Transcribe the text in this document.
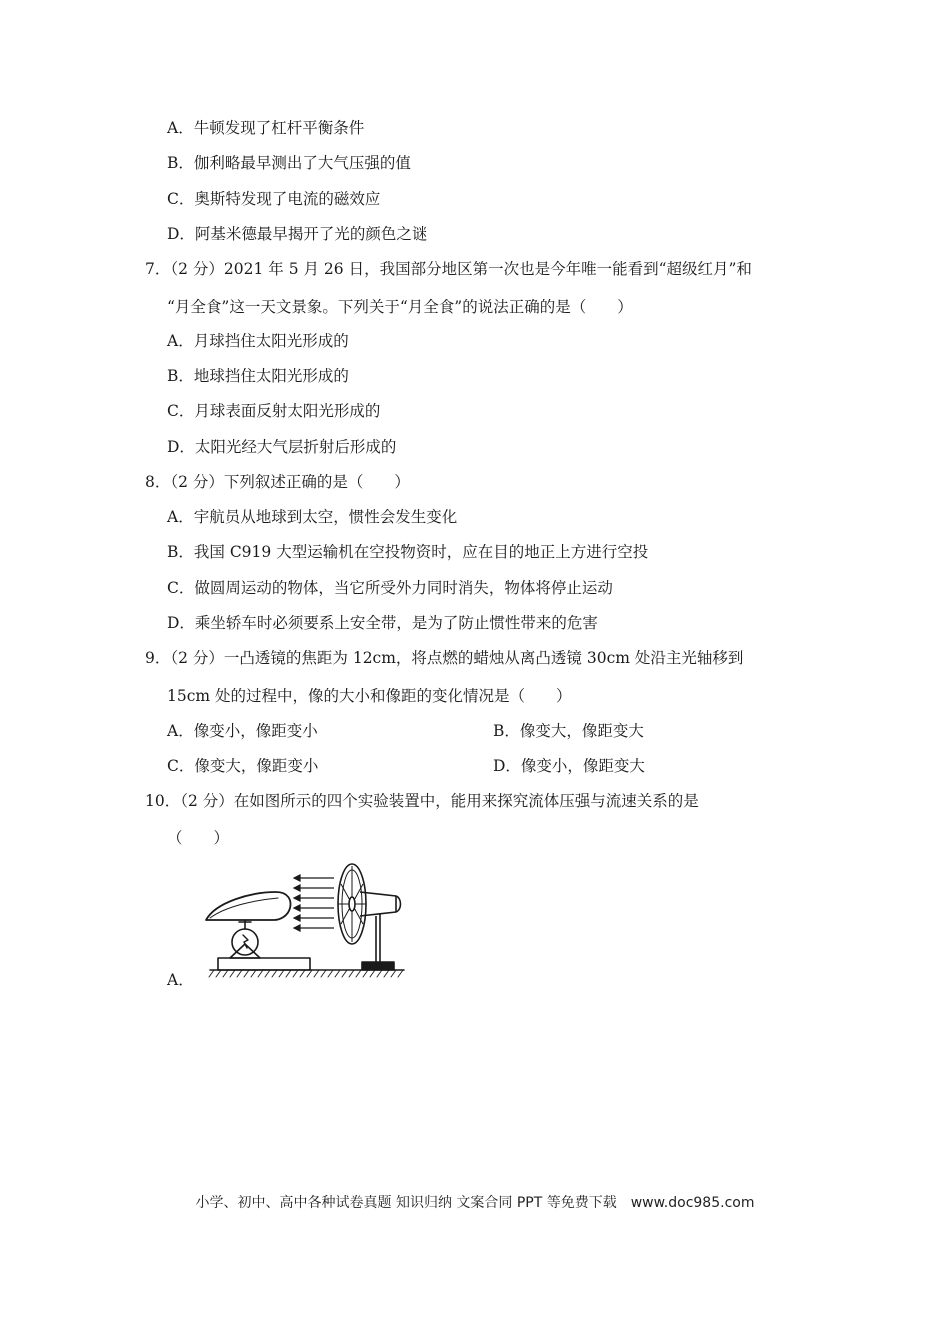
A．牛顿发现了杠杆平衡条件
B．伽利略最早测出了大气压强的值
C．奥斯特发现了电流的磁效应
D．阿基米德最早揭开了光的颜色之谜
7．（2 分）2021 年 5 月 26 日，我国部分地区第一次也是今年唯一能看到“超级红月”和
“月全食”这一天文景象。下列关于“月全食”的说法正确的是（　　）
A．月球挡住太阳光形成的
B．地球挡住太阳光形成的
C．月球表面反射太阳光形成的
D．太阳光经大气层折射后形成的
8．（2 分）下列叙述正确的是（　　）
A．宇航员从地球到太空，惯性会发生变化
B．我国 C919 大型运输机在空投物资时，应在目的地正上方进行空投
C．做圆周运动的物体，当它所受外力同时消失，物体将停止运动
D．乘坐轿车时必须要系上安全带，是为了防止惯性带来的危害
9．（2 分）一凸透镜的焦距为 12cm，将点燃的蜡烛从离凸透镜 30cm 处沿主光轴移到
15cm 处的过程中，像的大小和像距的变化情况是（　　）
A．像变小，像距变小	B．像变大，像距变大
C．像变大，像距变小	D．像变小，像距变大
10．（2 分）在如图所示的四个实验装置中，能用来探究流体压强与流速关系的是
（　　）
A．
小学、初中、高中各种试卷真题 知识归纳 文案合同 PPT 等免费下载　www.doc985.com
